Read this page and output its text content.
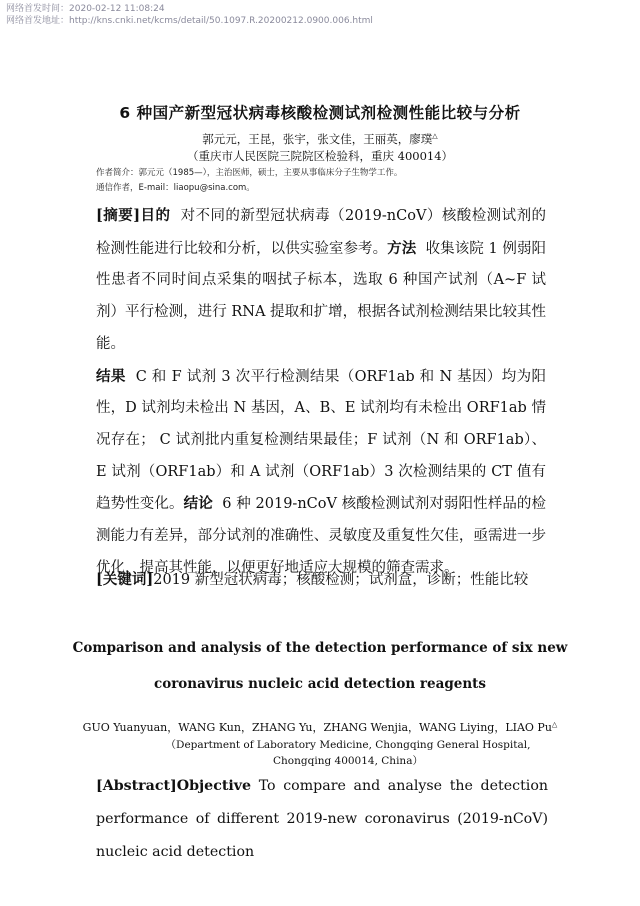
网络首发时间：2020-02-12 11:08:24
网络首发地址：http://kns.cnki.net/kcms/detail/50.1097.R.20200212.0900.006.html
6 种国产新型冠状病毒核酸检测试剂检测性能比较与分析
郭元元，王昆，张宇，张文佳，王丽英，廖璞△
（重庆市人民医院三院院区检验科，重庆 400014）
作者简介：郭元元（1985—），主治医师，硕士，主要从事临床分子生物学工作。
通信作者，E-mail：liaopu@sina.com。
[摘要]目的 对不同的新型冠状病毒（2019-nCoV）核酸检测试剂的检测性能进行比较和分析，以供实验室参考。方法 收集该院 1 例弱阳性患者不同时间点采集的咽拭子标本，选取 6 种国产试剂（A~F 试剂）平行检测，进行 RNA 提取和扩增，根据各试剂检测结果比较其性能。
结果 C 和 F 试剂 3 次平行检测结果（ORF1ab 和 N 基因）均为阳性，D 试剂均未检出 N 基因，A、B、E 试剂均有未检出 ORF1ab 情况存在； C 试剂批内重复检测结果最佳；F 试剂（N 和 ORF1ab）、E 试剂（ORF1ab）和 A 试剂（ORF1ab）3 次检测结果的 CT 值有趋势性变化。结论 6 种 2019-nCoV 核酸检测试剂对弱阳性样品的检测能力有差异，部分试剂的准确性、灵敏度及重复性欠佳，亟需进一步优化，提高其性能，以便更好地适应大规模的筛查需求。
[关键词]2019 新型冠状病毒；核酸检测；试剂盒，诊断；性能比较
Comparison and analysis of the detection performance of six new
coronavirus nucleic acid detection reagents
GUO Yuanyuan，WANG Kun，ZHANG Yu，ZHANG Wenjia，WANG Liying，LIAO Pu△
（Department of Laboratory Medicine, Chongqing General Hospital, Chongqing 400014, China）
[Abstract]Objective To compare and analyse the detection performance of different 2019-new coronavirus (2019-nCoV) nucleic acid detection
